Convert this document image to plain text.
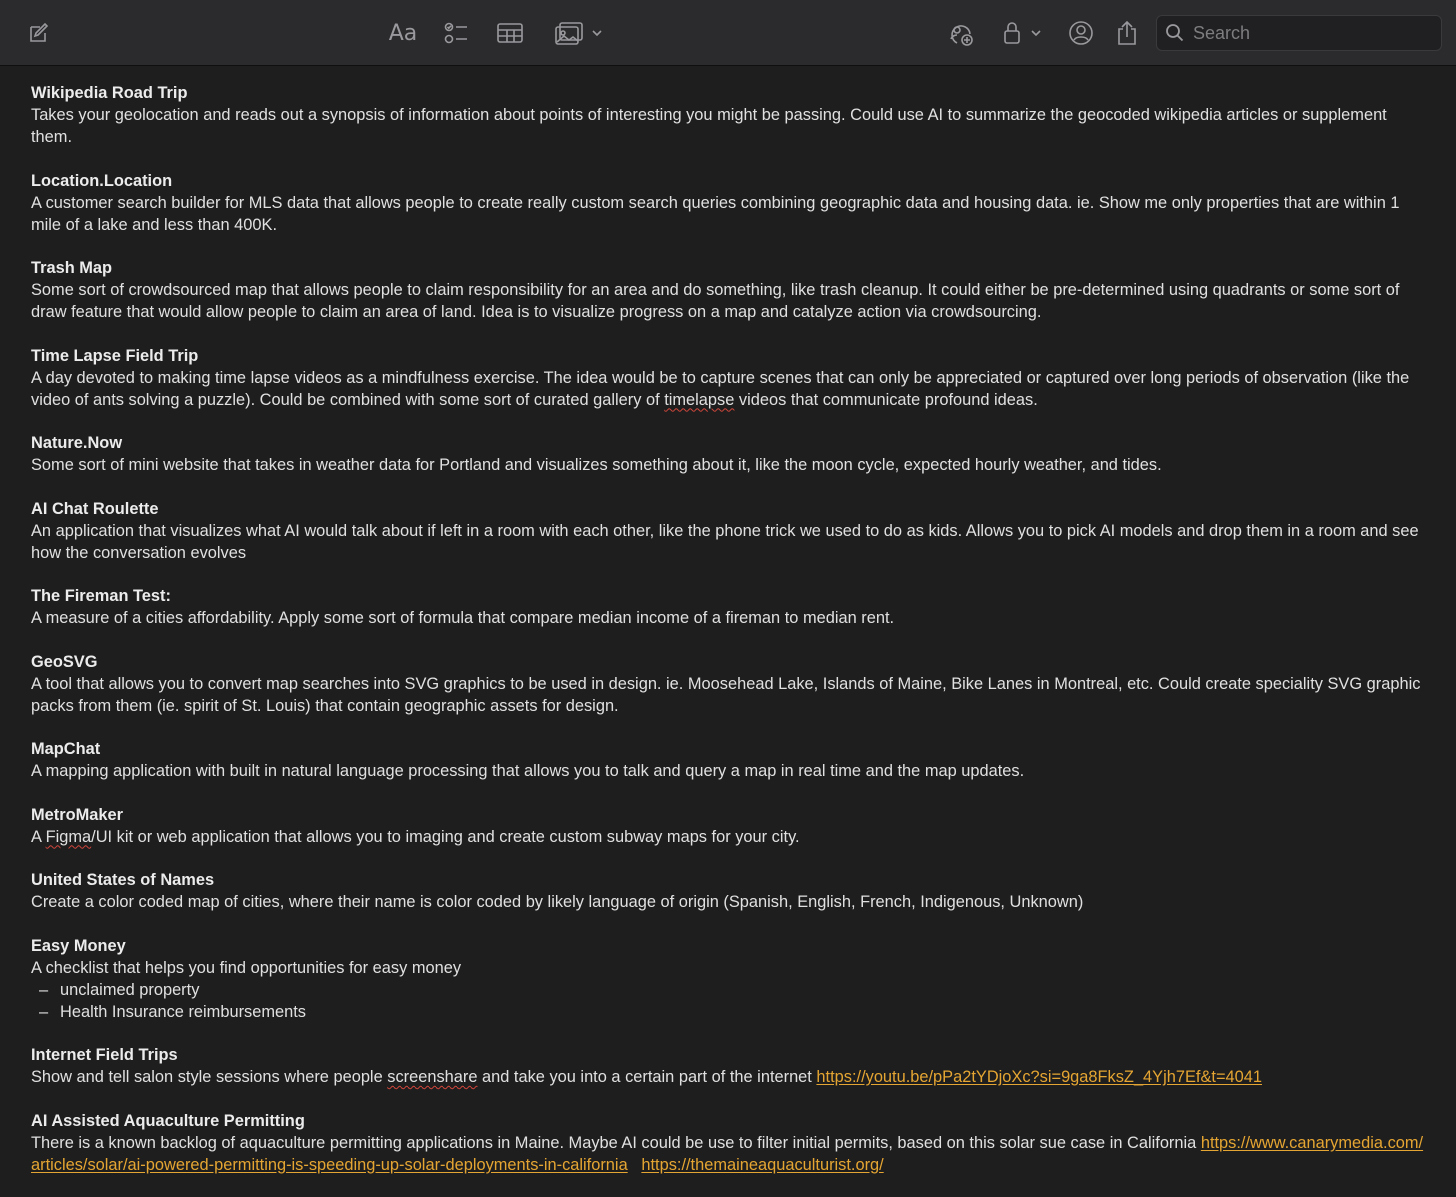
Aa
Search
Wikipedia Road Trip
Takes your geolocation and reads out a synopsis of information about points of interesting you might be passing. Could use AI to summarize the geocoded wikipedia articles or supplement them.
Location.Location
A customer search builder for MLS data that allows people to create really custom search queries combining geographic data and housing data. ie. Show me only properties that are within 1 mile of a lake and less than 400K.
Trash Map
Some sort of crowdsourced map that allows people to claim responsibility for an area and do something, like trash cleanup. It could either be pre-determined using quadrants or some sort of draw feature that would allow people to claim an area of land. Idea is to visualize progress on a map and catalyze action via crowdsourcing.
Time Lapse Field Trip
A day devoted to making time lapse videos as a mindfulness exercise. The idea would be to capture scenes that can only be appreciated or captured over long periods of observation (like the video of ants solving a puzzle). Could be combined with some sort of curated gallery of timelapse videos that communicate profound ideas.
Nature.Now
Some sort of mini website that takes in weather data for Portland and visualizes something about it, like the moon cycle, expected hourly weather, and tides.
AI Chat Roulette
An application that visualizes what AI would talk about if left in a room with each other, like the phone trick we used to do as kids. Allows you to pick AI models and drop them in a room and see how the conversation evolves
The Fireman Test:
A measure of a cities affordability. Apply some sort of formula that compare median income of a fireman to median rent.
GeoSVG
A tool that allows you to convert map searches into SVG graphics to be used in design. ie. Moosehead Lake, Islands of Maine, Bike Lanes in Montreal, etc. Could create speciality SVG graphic packs from them (ie. spirit of St. Louis) that contain geographic assets for design.
MapChat
A mapping application with built in natural language processing that allows you to talk and query a map in real time and the map updates.
MetroMaker
A Figma/UI kit or web application that allows you to imaging and create custom subway maps for your city.
United States of Names
Create a color coded map of cities, where their name is color coded by likely language of origin (Spanish, English, French, Indigenous, Unknown)
Easy Money
A checklist that helps you find opportunities for easy money
– unclaimed property
– Health Insurance reimbursements
Internet Field Trips
Show and tell salon style sessions where people screenshare and take you into a certain part of the internet https://youtu.be/pPa2tYDjoXc?si=9ga8FksZ_4Yjh7Ef&t=4041
AI Assisted Aquaculture Permitting
There is a known backlog of aquaculture permitting applications in Maine. Maybe AI could be use to filter initial permits, based on this solar sue case in California https://www.canarymedia.com/articles/solar/ai-powered-permitting-is-speeding-up-solar-deployments-in-california https://themaineaquaculturist.org/
